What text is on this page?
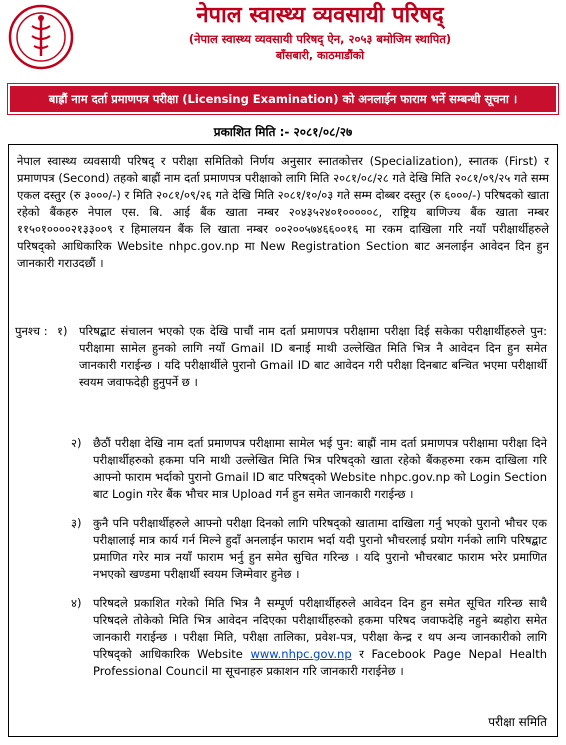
नेपाल स्वास्थ्य व्यवसायी परिषद्
(नेपाल स्वास्थ्य व्यवसायी परिषद् ऐन, २०५३ बमोजिम स्थापित)
बाँसबारी, काठमाडौंको
बाह्रौं नाम दर्ता प्रमाणपत्र परीक्षा (Licensing Examination) को अनलाईन फाराम भर्ने सम्बन्धी सूचना ।
प्रकाशित मिति :- २०८१/०८/२७
नेपाल स्वास्थ्य व्यवसायी परिषद् र परीक्षा समितिको निर्णय अनुसार स्नातकोत्तर (Specialization), स्नातक (First) र प्रमाणपत्र (Second) तहको बाह्रौं नाम दर्ता प्रमाणपत्र परीक्षाको लागि मिति २०८१/०८/२८ गते देखि मिति २०८१/०९/२५ गते सम्म एकल दस्तुर (रु ३०००/-) र मिति २०८१/०९/२६ गते देखि मिति २०८१/१०/०३ गते सम्म दोब्बर दस्तुर (रु ६०००/-) परिषदको खाता रहेको बैंकहरु नेपाल एस. बि. आई बैंक खाता नम्बर २०४३५२४०१०००००८, राष्ट्रिय बाणिज्य बैंक खाता नम्बर ११५०१००००२१३३००९ र हिमालयन बैंक लि खाता नम्बर ००२००५७४६६००१६ मा रकम दाखिला गरि नयाँ परीक्षार्थीहरुले परिषद्को आधिकारिक Website nhpc.gov.np मा New Registration Section बाट अनलाईन आवेदन दिन हुन जानकारी गराउदछौं ।
पुनश्च : १) परिषद्बाट संचालन भएको एक देखि पाचौं नाम दर्ता प्रमाणपत्र परीक्षामा परीक्षा दिई सकेका परीक्षार्थीहरुले पुन: परीक्षामा सामेल हुनको लागि नयाँ Gmail ID बनाई माथी उल्लेखित मिति भित्र नै आवेदन दिन हुन समेत जानकारी गराईन्छ । यदि परीक्षार्थीले पुरानो Gmail ID बाट आवेदन गरी परीक्षा दिनबाट बन्चित भएमा परीक्षार्थी स्वयम जवाफदेही हुनुपर्ने छ ।
२) छैठौं परीक्षा देखि नाम दर्ता प्रमाणपत्र परीक्षामा सामेल भई पुन: बाह्रौं नाम दर्ता प्रमाणपत्र परीक्षामा परीक्षा दिने परीक्षार्थीहरुको हकमा पनि माथी उल्लेखित मिति भित्र परिषद्को खाता रहेको बैंकहरुमा रकम दाखिला गरि आफ्नो फाराम भर्दाको पुरानो Gmail ID बाट परिषद्को Website nhpc.gov.np को Login Section बाट Login गरेर बैंक भौचर मात्र Upload गर्न हुन समेत जानकारी गराईन्छ ।
३) कुनै पनि परीक्षार्थीहरुले आफ्नो परीक्षा दिनको लागि परिषद्को खातामा दाखिला गर्नु भएको पुरानो भौचर एक परीक्षालाई मात्र कार्य गर्न मिल्ने हुदाँ अनलाईन फाराम भर्दा यदी पुरानो भौचरलाई प्रयोग गर्नको लागि परिषद्बाट प्रमाणित गरेर मात्र नयाँ फाराम भर्नु हुन समेत सुचित गरिन्छ । यदि पुरानो भौचरबाट फाराम भरेर प्रमाणित नभएको खण्डमा परीक्षार्थी स्वयम जिम्मेवार हुनेछ ।
४) परिषदले प्रकाशित गरेको मिति भित्र नै सम्पूर्ण परीक्षार्थीहरुले आवेदन दिन हुन समेत सूचित गरिन्छ साथै परिषदले तोकेको मिति भित्र आवेदन नदिएका परीक्षार्थीहरुको हकमा परिषद जवाफदेहि नहुने ब्यहोरा समेत जानकारी गराईन्छ । परीक्षा मिति, परीक्षा तालिका, प्रवेश-पत्र, परीक्षा केन्द्र र थप अन्य जानकारीको लागि परिषद्को आधिकारिक Website www.nhpc.gov.np र Facebook Page Nepal Health Professional Council मा सूचनाहरु प्रकाशन गरि जानकारी गराईनेछ ।
परीक्षा समिति
